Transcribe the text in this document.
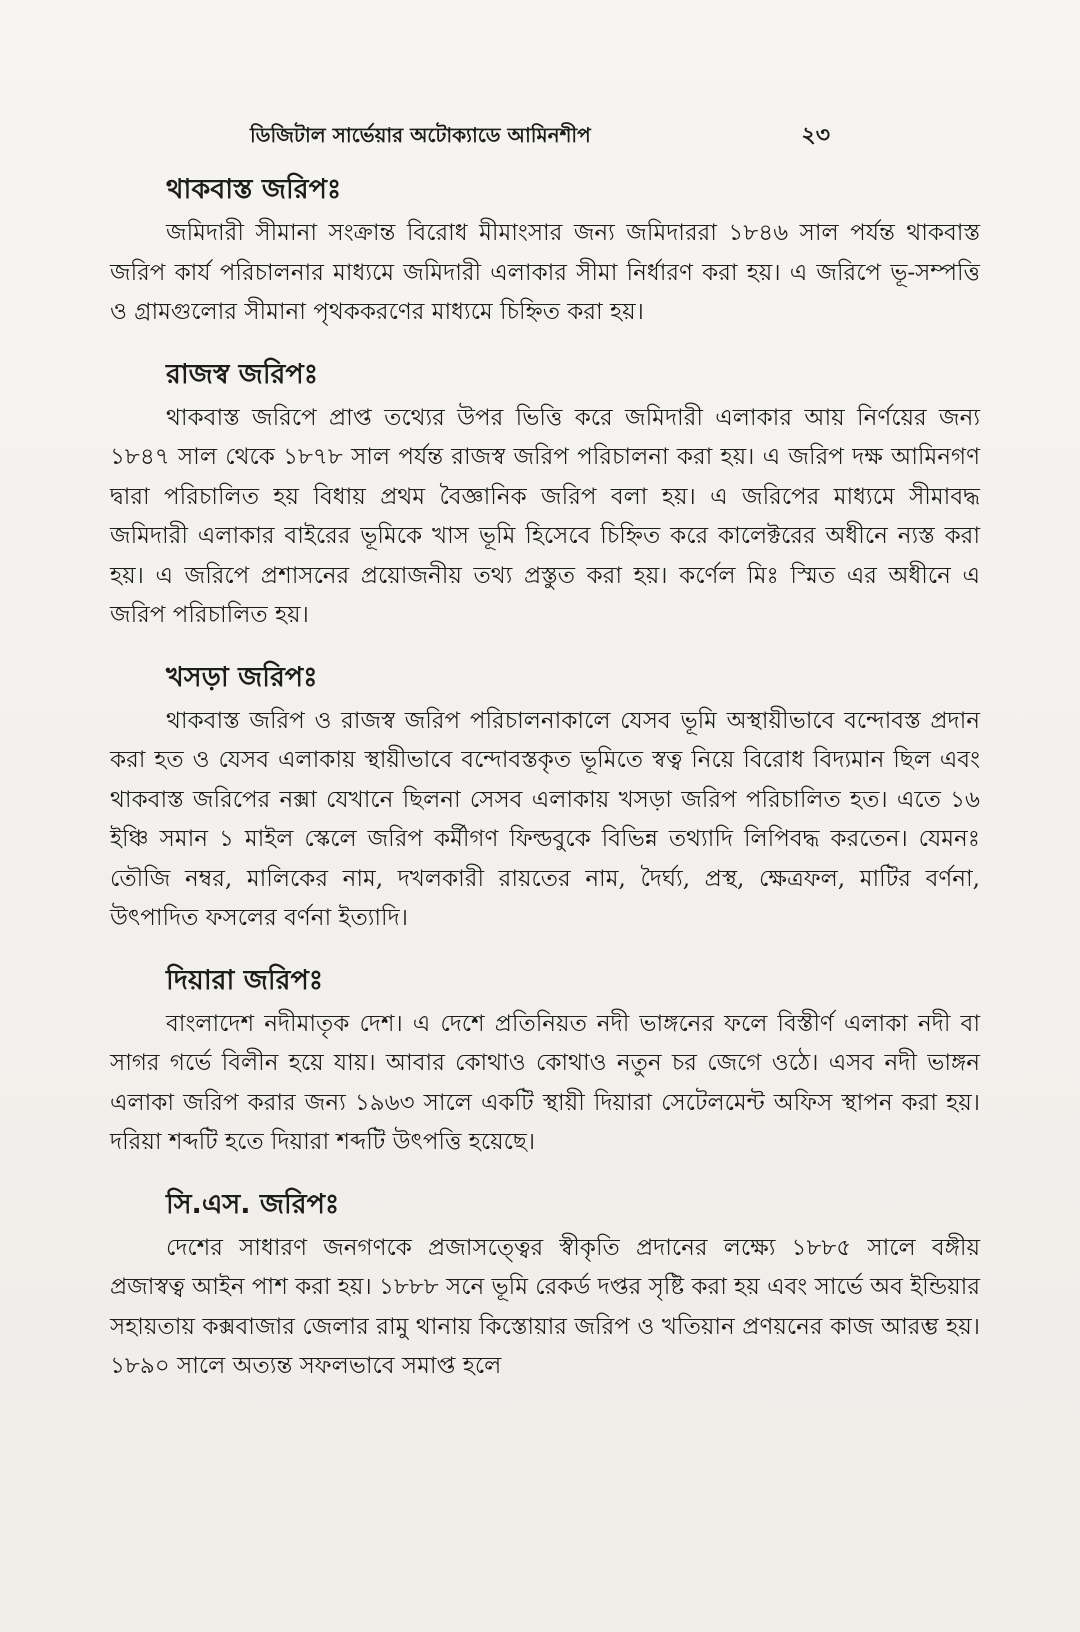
ডিজিটাল সার্ভেয়ার অটোক্যাডে আমিনশীপ	২৩
থাকবাস্ত জরিপঃ

জমিদারী সীমানা সংক্রান্ত বিরোধ মীমাংসার জন্য জমিদাররা ১৮৪৬ সাল পর্যন্ত থাকবাস্ত জরিপ কার্য পরিচালনার মাধ্যমে জমিদারী এলাকার সীমা নির্ধারণ করা হয়। এ জরিপে ভূ-সম্পত্তি ও গ্রামগুলোর সীমানা পৃথককরণের মাধ্যমে চিহ্নিত করা হয়।

রাজস্ব জরিপঃ

থাকবাস্ত জরিপে প্রাপ্ত তথ্যের উপর ভিত্তি করে জমিদারী এলাকার আয় নির্ণয়ের জন্য ১৮৪৭ সাল থেকে ১৮৭৮ সাল পর্যন্ত রাজস্ব জরিপ পরিচালনা করা হয়। এ জরিপ দক্ষ আমিনগণ দ্বারা পরিচালিত হয় বিধায় প্রথম বৈজ্ঞানিক জরিপ বলা হয়। এ জরিপের মাধ্যমে সীমাবদ্ধ জমিদারী এলাকার বাইরের ভূমিকে খাস ভূমি হিসেবে চিহ্নিত করে কালেক্টরের অধীনে ন্যস্ত করা হয়। এ জরিপে প্রশাসনের প্রয়োজনীয় তথ্য প্রস্তুত করা হয়। কর্ণেল মিঃ স্মিত এর অধীনে এ জরিপ পরিচালিত হয়।

খসড়া জরিপঃ

থাকবাস্ত জরিপ ও রাজস্ব জরিপ পরিচালনাকালে যেসব ভূমি অস্থায়ীভাবে বন্দোবস্ত প্রদান করা হত ও যেসব এলাকায় স্থায়ীভাবে বন্দোবস্তকৃত ভূমিতে স্বত্ব নিয়ে বিরোধ বিদ্যমান ছিল এবং থাকবাস্ত জরিপের নক্সা যেখানে ছিলনা সেসব এলাকায় খসড়া জরিপ পরিচালিত হত। এতে ১৬ ইঞ্চি সমান ১ মাইল স্কেলে জরিপ কর্মীগণ ফিল্ডবুকে বিভিন্ন তথ্যাদি লিপিবদ্ধ করতেন। যেমনঃ তৌজি নম্বর, মালিকের নাম, দখলকারী রায়তের নাম, দৈর্ঘ্য, প্রস্থ, ক্ষেত্রফল, মাটির বর্ণনা, উৎপাদিত ফসলের বর্ণনা ইত্যাদি।

দিয়ারা জরিপঃ

বাংলাদেশ নদীমাতৃক দেশ। এ দেশে প্রতিনিয়ত নদী ভাঙ্গনের ফলে বিস্তীর্ণ এলাকা নদী বা সাগর গর্ভে বিলীন হয়ে যায়। আবার কোথাও কোথাও নতুন চর জেগে ওঠে। এসব নদী ভাঙ্গন এলাকা জরিপ করার জন্য ১৯৬৩ সালে একটি স্থায়ী দিয়ারা সেটেলমেন্ট অফিস স্থাপন করা হয়। দরিয়া শব্দটি হতে দিয়ারা শব্দটি উৎপত্তি হয়েছে।

সি.এস. জরিপঃ

দেশের সাধারণ জনগণকে প্রজাসত্ত্বের স্বীকৃতি প্রদানের লক্ষ্যে ১৮৮৫ সালে বঙ্গীয় প্রজাস্বত্ব আইন পাশ করা হয়। ১৮৮৮ সনে ভূমি রেকর্ড দপ্তর সৃষ্টি করা হয় এবং সার্ভে অব ইন্ডিয়ার সহায়তায় কক্সবাজার জেলার রামু থানায় কিস্তোয়ার জরিপ ও খতিয়ান প্রণয়নের কাজ আরম্ভ হয়। ১৮৯০ সালে অত্যন্ত সফলভাবে সমাপ্ত হলে
